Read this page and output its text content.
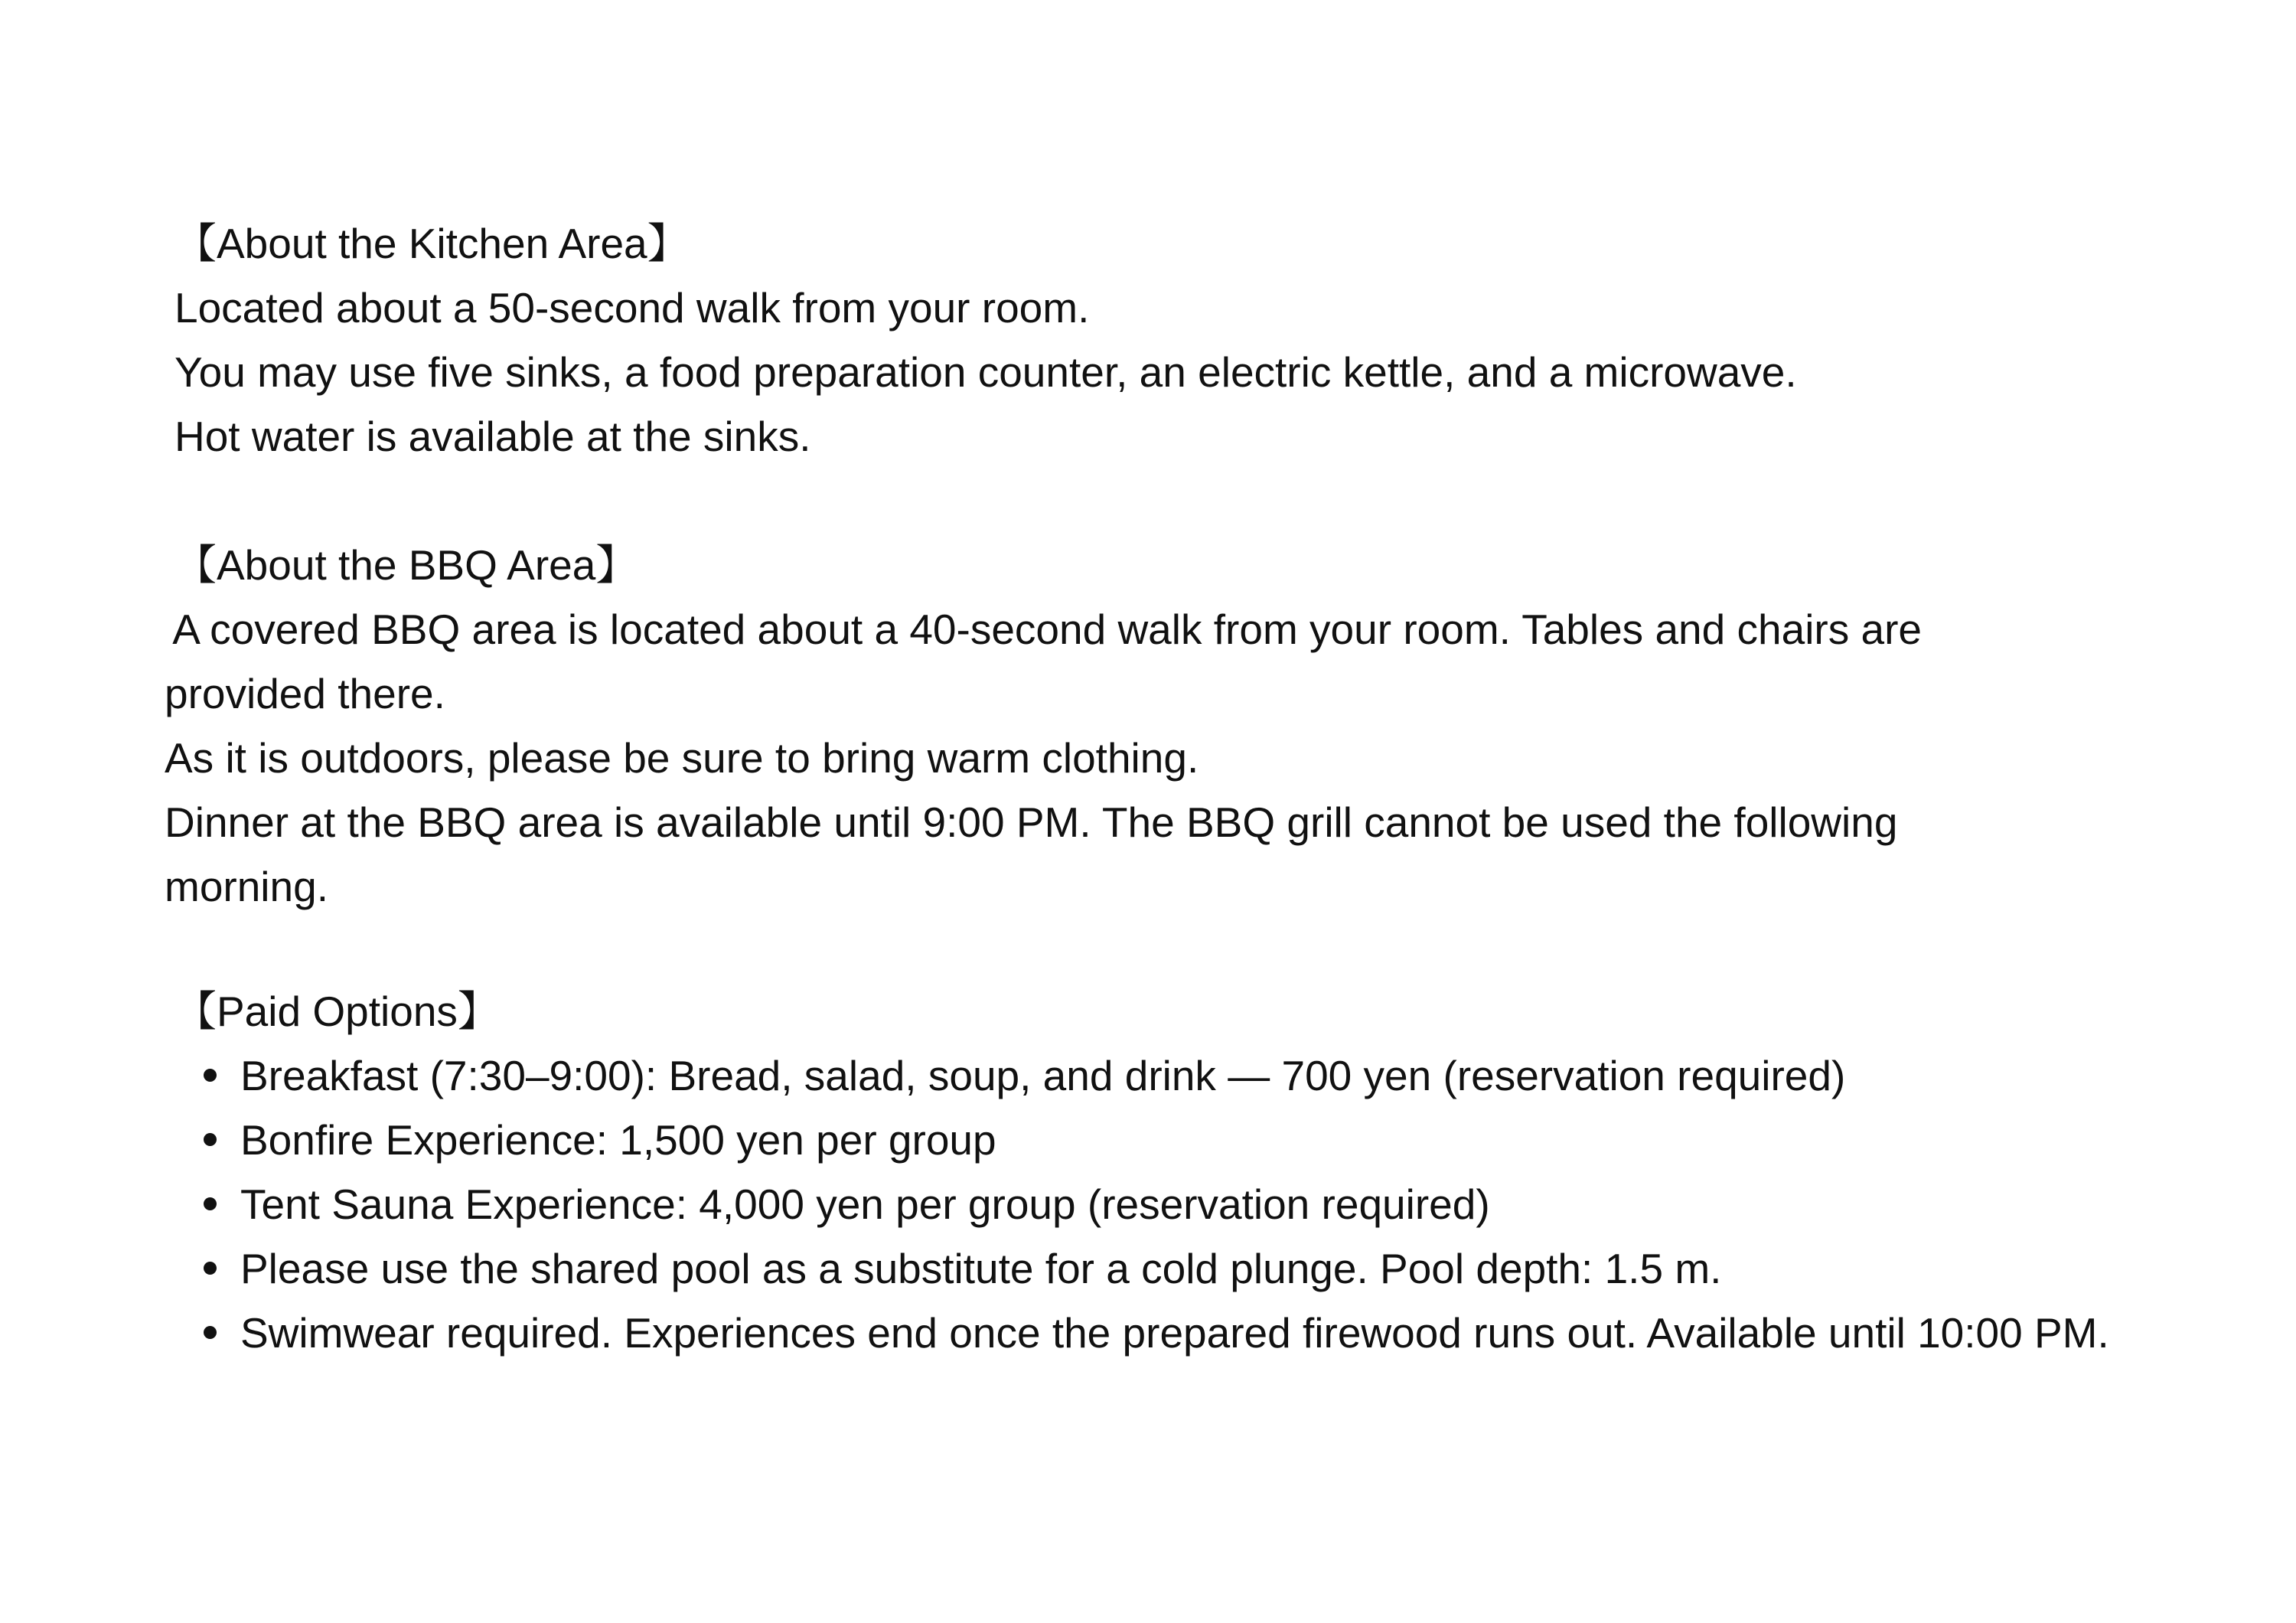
【About the Kitchen Area】

Located about a 50-second walk from your room.

You may use five sinks, a food preparation counter, an electric kettle, and a microwave.

Hot water is available at the sinks.

【About the BBQ Area】

A covered BBQ area is located about a 40-second walk from your room. Tables and chairs are

provided there.

As it is outdoors, please be sure to bring warm clothing.

Dinner at the BBQ area is available until 9:00 PM. The BBQ grill cannot be used the following

morning.

【Paid Options】

Breakfast (7:30–9:00): Bread, salad, soup, and drink — 700 yen (reservation required)
Bonfire Experience: 1,500 yen per group
Tent Sauna Experience: 4,000 yen per group (reservation required)
Please use the shared pool as a substitute for a cold plunge. Pool depth: 1.5 m.
Swimwear required. Experiences end once the prepared firewood runs out. Available until 10:00 PM.
